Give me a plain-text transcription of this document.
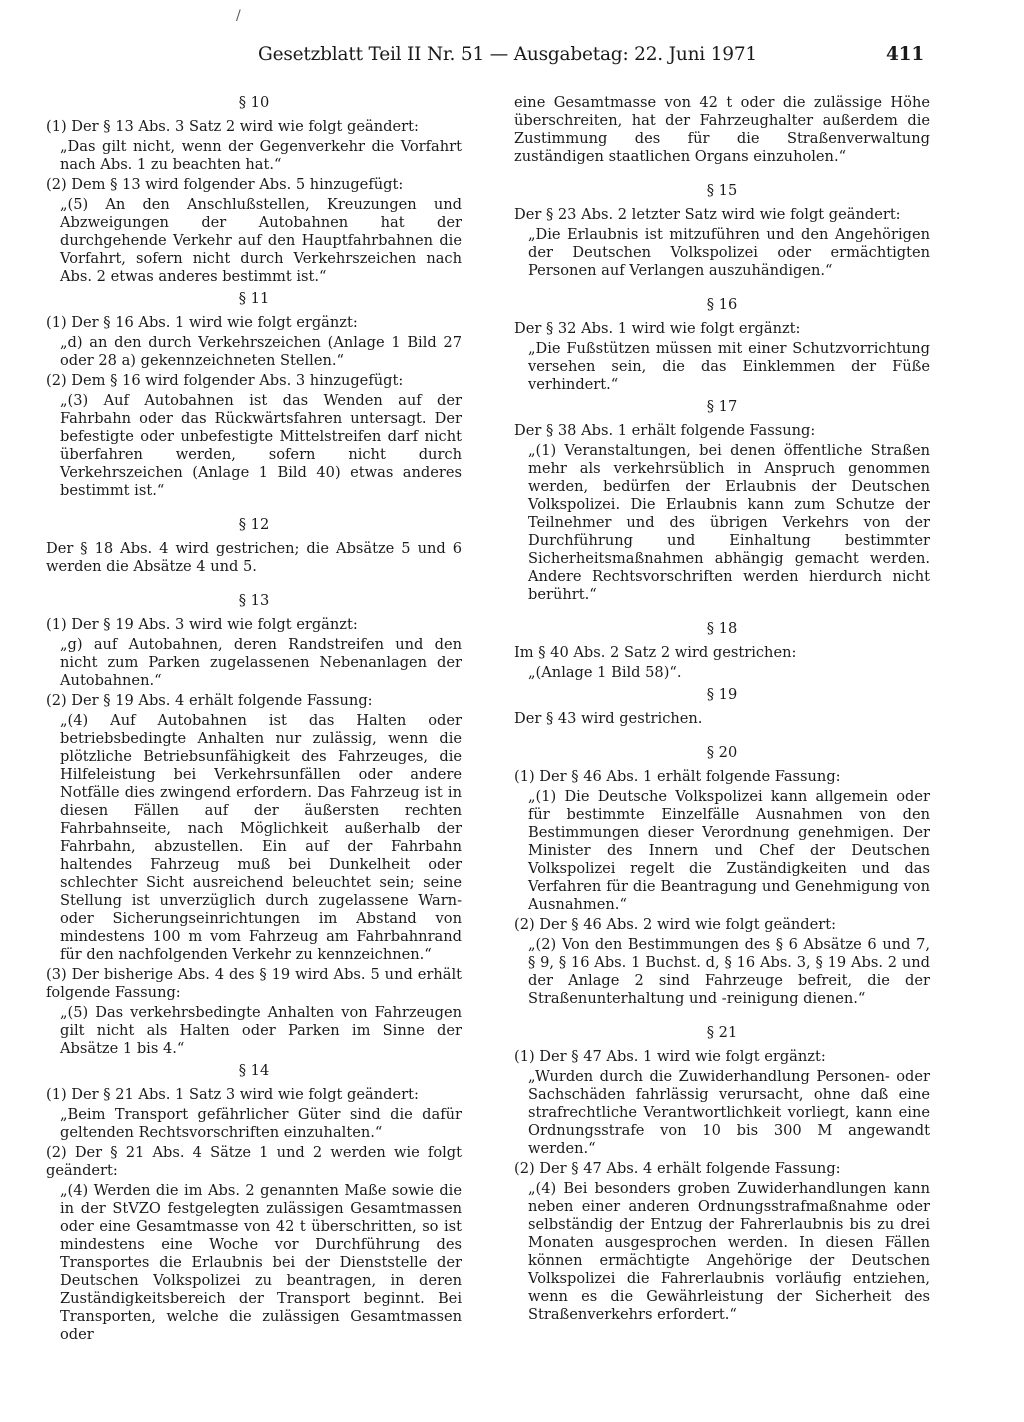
Gesetzblatt Teil II Nr. 51 — Ausgabetag: 22. Juni 1971	411
/
§ 10
(1) Der § 13 Abs. 3 Satz 2 wird wie folgt geändert:
„Das gilt nicht, wenn der Gegenverkehr die Vorfahrt nach Abs. 1 zu beachten hat.“
(2) Dem § 13 wird folgender Abs. 5 hinzugefügt:
„(5) An den Anschlußstellen, Kreuzungen und Abzweigungen der Autobahnen hat der durchgehende Verkehr auf den Hauptfahrbahnen die Vorfahrt, sofern nicht durch Verkehrszeichen nach Abs. 2 etwas anderes bestimmt ist.“
§ 11
(1) Der § 16 Abs. 1 wird wie folgt ergänzt:
„d) an den durch Verkehrszeichen (Anlage 1 Bild 27 oder 28 a) gekennzeichneten Stellen.“
(2) Dem § 16 wird folgender Abs. 3 hinzugefügt:
„(3) Auf Autobahnen ist das Wenden auf der Fahrbahn oder das Rückwärtsfahren untersagt. Der befestigte oder unbefestigte Mittelstreifen darf nicht überfahren werden, sofern nicht durch Verkehrszeichen (Anlage 1 Bild 40) etwas anderes bestimmt ist.“
§ 12
Der § 18 Abs. 4 wird gestrichen; die Absätze 5 und 6 werden die Absätze 4 und 5.
§ 13
(1) Der § 19 Abs. 3 wird wie folgt ergänzt:
„g) auf Autobahnen, deren Randstreifen und den nicht zum Parken zugelassenen Nebenanlagen der Autobahnen.“
(2) Der § 19 Abs. 4 erhält folgende Fassung:
„(4) Auf Autobahnen ist das Halten oder betriebsbedingte Anhalten nur zulässig, wenn die plötzliche Betriebsunfähigkeit des Fahrzeuges, die Hilfeleistung bei Verkehrsunfällen oder andere Notfälle dies zwingend erfordern. Das Fahrzeug ist in diesen Fällen auf der äußersten rechten Fahrbahnseite, nach Möglichkeit außerhalb der Fahrbahn, abzustellen. Ein auf der Fahrbahn haltendes Fahrzeug muß bei Dunkelheit oder schlechter Sicht ausreichend beleuchtet sein; seine Stellung ist unverzüglich durch zugelassene Warn- oder Sicherungseinrichtungen im Abstand von mindestens 100 m vom Fahrzeug am Fahrbahnrand für den nachfolgenden Verkehr zu kennzeichnen.“
(3) Der bisherige Abs. 4 des § 19 wird Abs. 5 und erhält folgende Fassung:
„(5) Das verkehrsbedingte Anhalten von Fahrzeugen gilt nicht als Halten oder Parken im Sinne der Absätze 1 bis 4.“
§ 14
(1) Der § 21 Abs. 1 Satz 3 wird wie folgt geändert:
„Beim Transport gefährlicher Güter sind die dafür geltenden Rechtsvorschriften einzuhalten.“
(2) Der § 21 Abs. 4 Sätze 1 und 2 werden wie folgt geändert:
„(4) Werden die im Abs. 2 genannten Maße sowie die in der StVZO festgelegten zulässigen Gesamtmassen oder eine Gesamtmasse von 42 t überschritten, so ist mindestens eine Woche vor Durchführung des Transportes die Erlaubnis bei der Dienststelle der Deutschen Volkspolizei zu beantragen, in deren Zuständigkeitsbereich der Transport beginnt. Bei Transporten, welche die zulässigen Gesamtmassen oder
eine Gesamtmasse von 42 t oder die zulässige Höhe überschreiten, hat der Fahrzeughalter außerdem die Zustimmung des für die Straßenverwaltung zuständigen staatlichen Organs einzuholen.“
§ 15
Der § 23 Abs. 2 letzter Satz wird wie folgt geändert:
„Die Erlaubnis ist mitzuführen und den Angehörigen der Deutschen Volkspolizei oder ermächtigten Personen auf Verlangen auszuhändigen.“
§ 16
Der § 32 Abs. 1 wird wie folgt ergänzt:
„Die Fußstützen müssen mit einer Schutzvorrichtung versehen sein, die das Einklemmen der Füße verhindert.“
§ 17
Der § 38 Abs. 1 erhält folgende Fassung:
„(1) Veranstaltungen, bei denen öffentliche Straßen mehr als verkehrsüblich in Anspruch genommen werden, bedürfen der Erlaubnis der Deutschen Volkspolizei. Die Erlaubnis kann zum Schutze der Teilnehmer und des übrigen Verkehrs von der Durchführung und Einhaltung bestimmter Sicherheitsmaßnahmen abhängig gemacht werden. Andere Rechtsvorschriften werden hierdurch nicht berührt.“
§ 18
Im § 40 Abs. 2 Satz 2 wird gestrichen:
„(Anlage 1 Bild 58)“.
§ 19
Der § 43 wird gestrichen.
§ 20
(1) Der § 46 Abs. 1 erhält folgende Fassung:
„(1) Die Deutsche Volkspolizei kann allgemein oder für bestimmte Einzelfälle Ausnahmen von den Bestimmungen dieser Verordnung genehmigen. Der Minister des Innern und Chef der Deutschen Volkspolizei regelt die Zuständigkeiten und das Verfahren für die Beantragung und Genehmigung von Ausnahmen.“
(2) Der § 46 Abs. 2 wird wie folgt geändert:
„(2) Von den Bestimmungen des § 6 Absätze 6 und 7, § 9, § 16 Abs. 1 Buchst. d, § 16 Abs. 3, § 19 Abs. 2 und der Anlage 2 sind Fahrzeuge befreit, die der Straßenunterhaltung und -reinigung dienen.“
§ 21
(1) Der § 47 Abs. 1 wird wie folgt ergänzt:
„Wurden durch die Zuwiderhandlung Personen- oder Sachschäden fahrlässig verursacht, ohne daß eine strafrechtliche Verantwortlichkeit vorliegt, kann eine Ordnungsstrafe von 10 bis 300 M angewandt werden.“
(2) Der § 47 Abs. 4 erhält folgende Fassung:
„(4) Bei besonders groben Zuwiderhandlungen kann neben einer anderen Ordnungsstrafmaßnahme oder selbständig der Entzug der Fahrerlaubnis bis zu drei Monaten ausgesprochen werden. In diesen Fällen können ermächtigte Angehörige der Deutschen Volkspolizei die Fahrerlaubnis vorläufig entziehen, wenn es die Gewährleistung der Sicherheit des Straßenverkehrs erfordert.“
